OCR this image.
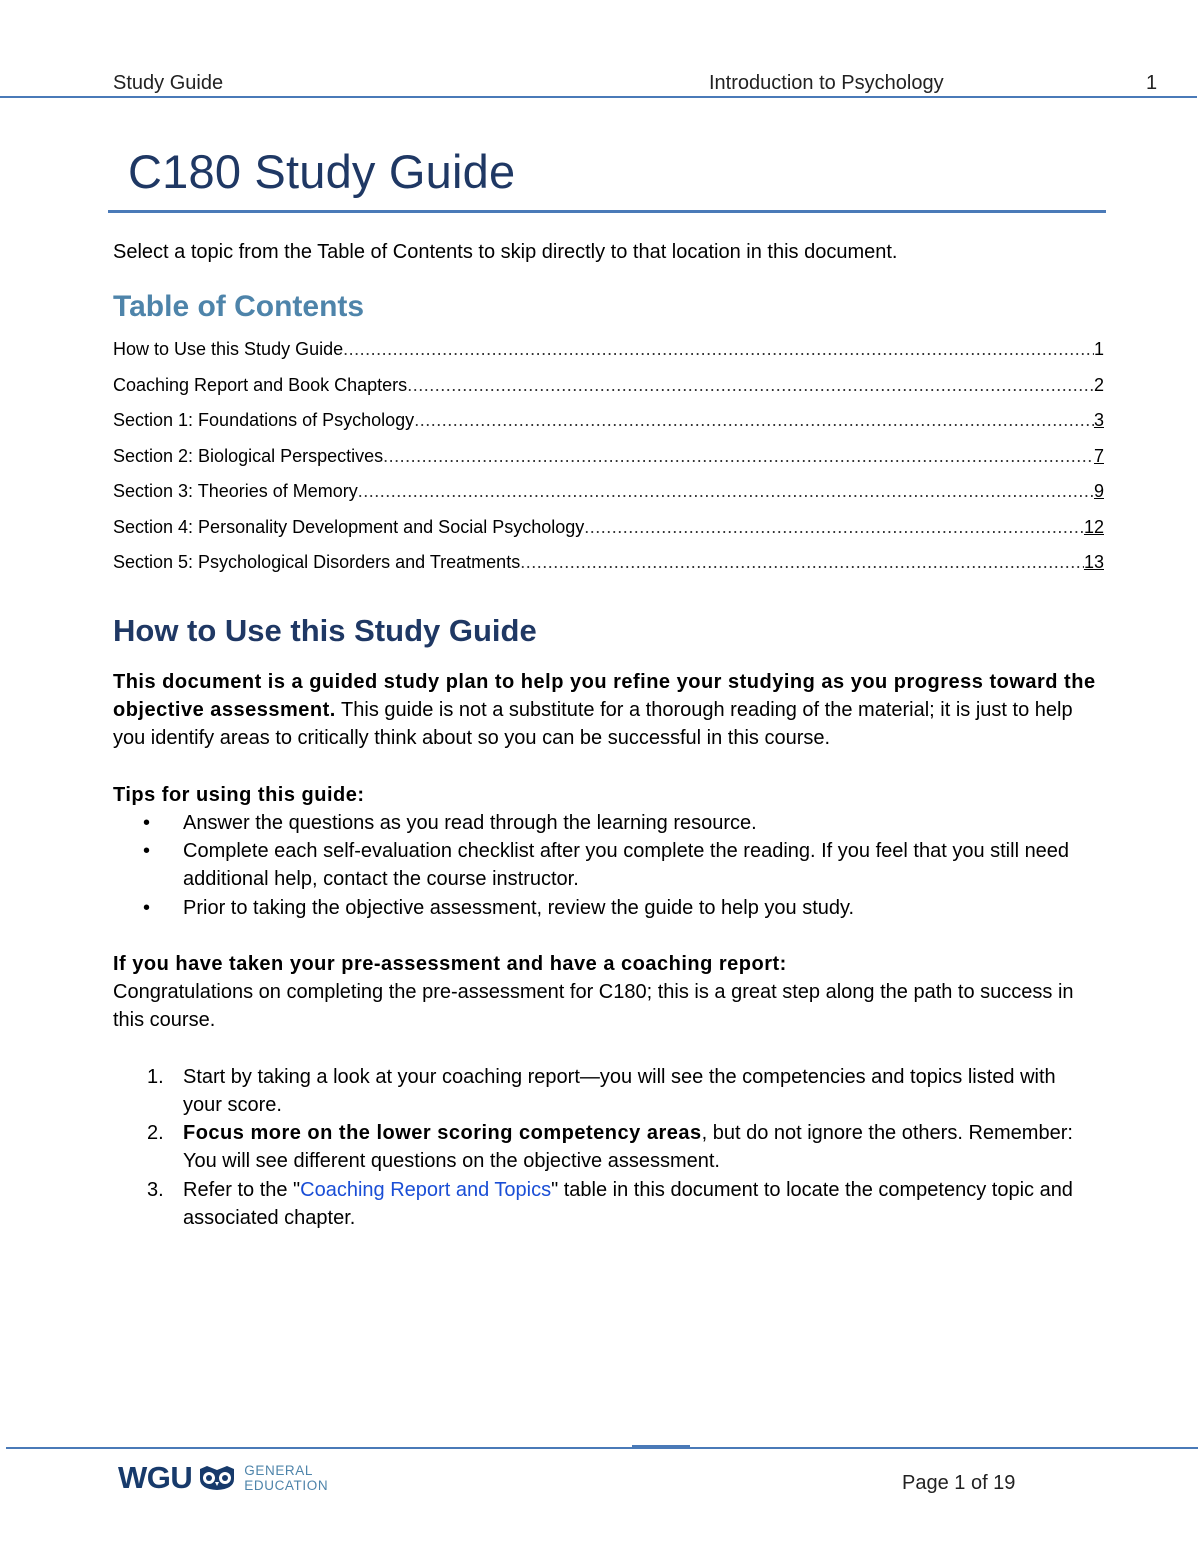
Study Guide	Introduction to Psychology	1
C180 Study Guide

Select a topic from the Table of Contents to skip directly to that location in this document.

Table of Contents
How to Use this Study Guide .....	1
Coaching Report and Book Chapters .....	2
Section 1: Foundations of Psychology .....	3
Section 2: Biological Perspectives .....	7
Section 3: Theories of Memory .....	9
Section 4: Personality Development and Social Psychology .....	12
Section 5: Psychological Disorders and Treatments .....	13
How to Use this Study Guide

This document is a guided study plan to help you refine your studying as you progress toward the objective assessment. This guide is not a substitute for a thorough reading of the material; it is just to help you identify areas to critically think about so you can be successful in this course.

Tips for using this guide:

•	Answer the questions as you read through the learning resource.
•	Complete each self-evaluation checklist after you complete the reading. If you feel that you still need additional help, contact the course instructor.
•	Prior to taking the objective assessment, review the guide to help you study.

If you have taken your pre-assessment and have a coaching report:

Congratulations on completing the pre-assessment for C180; this is a great step along the path to success in this course.

1. Start by taking a look at your coaching report—you will see the competencies and topics listed with your score.
2. Focus more on the lower scoring competency areas, but do not ignore the others. Remember: You will see different questions on the objective assessment.
3. Refer to the "Coaching Report and Topics" table in this document to locate the competency topic and associated chapter.
WGU	GENERAL
EDUCATION	Page 1 of 19
